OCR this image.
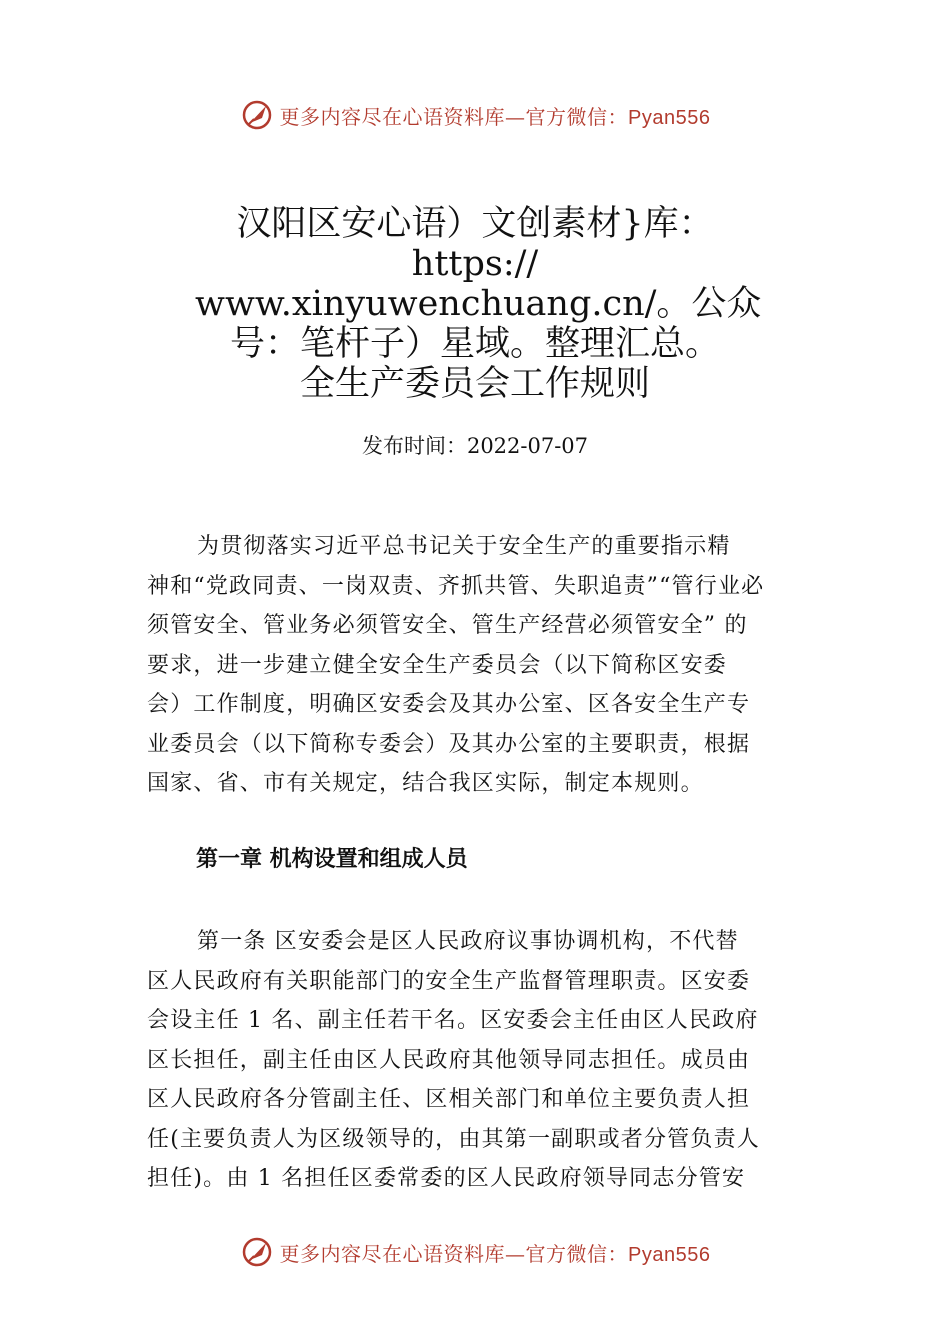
更多内容尽在心语资料库—官方微信：Pyan556
汉阳区安心语）文创素材}库：
https://
www.xinyuwenchuang.cn/。公众
号：笔杆子）星域。整理汇总。
全生产委员会工作规则
发布时间：2022-07-07
为贯彻落实习近平总书记关于安全生产的重要指示精
神和“党政同责、一岗双责、齐抓共管、失职追责”“管行业必
须管安全、管业务必须管安全、管生产经营必须管安全” 的
要求，进一步建立健全安全生产委员会（以下简称区安委
会）工作制度，明确区安委会及其办公室、区各安全生产专
业委员会（以下简称专委会）及其办公室的主要职责，根据
国家、省、市有关规定，结合我区实际，制定本规则。
第一章 机构设置和组成人员
第一条 区安委会是区人民政府议事协调机构，不代替
区人民政府有关职能部门的安全生产监督管理职责。区安委
会设主任 1 名、副主任若干名。区安委会主任由区人民政府
区长担任，副主任由区人民政府其他领导同志担任。成员由
区人民政府各分管副主任、区相关部门和单位主要负责人担
任(主要负责人为区级领导的，由其第一副职或者分管负责人
担任)。由 1 名担任区委常委的区人民政府领导同志分管安
更多内容尽在心语资料库—官方微信：Pyan556
